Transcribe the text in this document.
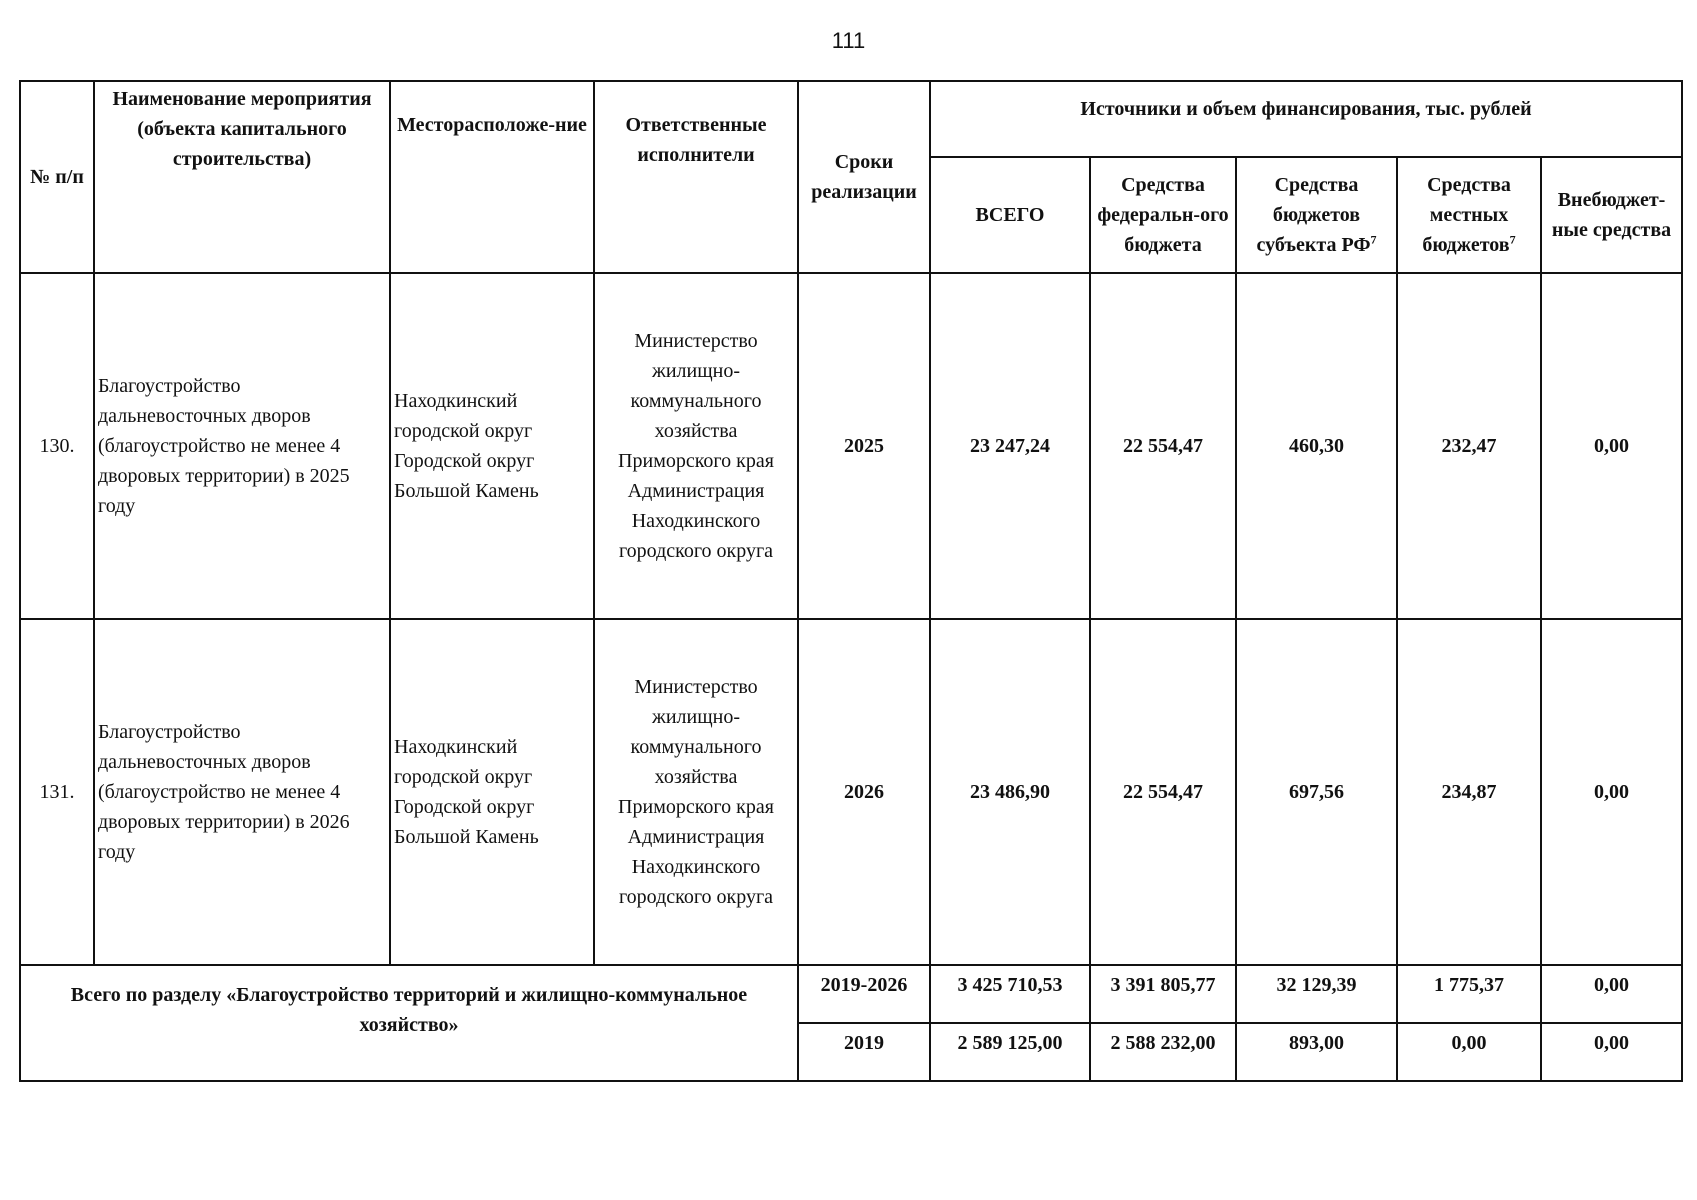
111
№ п/п	Наименование мероприятия (объекта капитального строительства)	Месторасположе-ние	Ответственные исполнители	Сроки реализации	Источники и объем финансирования, тыс. рублей				
					ВСЕГО	Средства федеральн-ого бюджета	Средства бюджетов субъекта $РФ^7$	Средства местных бюджетов$^7$	Внебюджет-ные средства
130.	Благоустройство дальневосточных дворов (благоустройство не менее 4 дворовых территории) в 2025 году	Находкинский городской округ Городской округ Большой Камень	Министерство жилищно-коммунального хозяйства Приморского края Администрация Находкинского городского округа	2025	23 247,24	22 554,47	460,30	232,47	0,00
131.	Благоустройство дальневосточных дворов (благоустройство не менее 4 дворовых территории) в 2026 году	Находкинский городской округ Городской округ Большой Камень	Министерство жилищно-коммунального хозяйства Приморского края Администрация Находкинского городского округа	2026	23 486,90	22 554,47	697,56	234,87	0,00
Всего по разделу «Благоустройство территорий и жилищно-коммунальное хозяйство»				2019-2026	3 425 710,53	3 391 805,77	32 129,39	1 775,37	0,00
				2019	2 589 125,00	2 588 232,00	893,00	0,00	0,00
